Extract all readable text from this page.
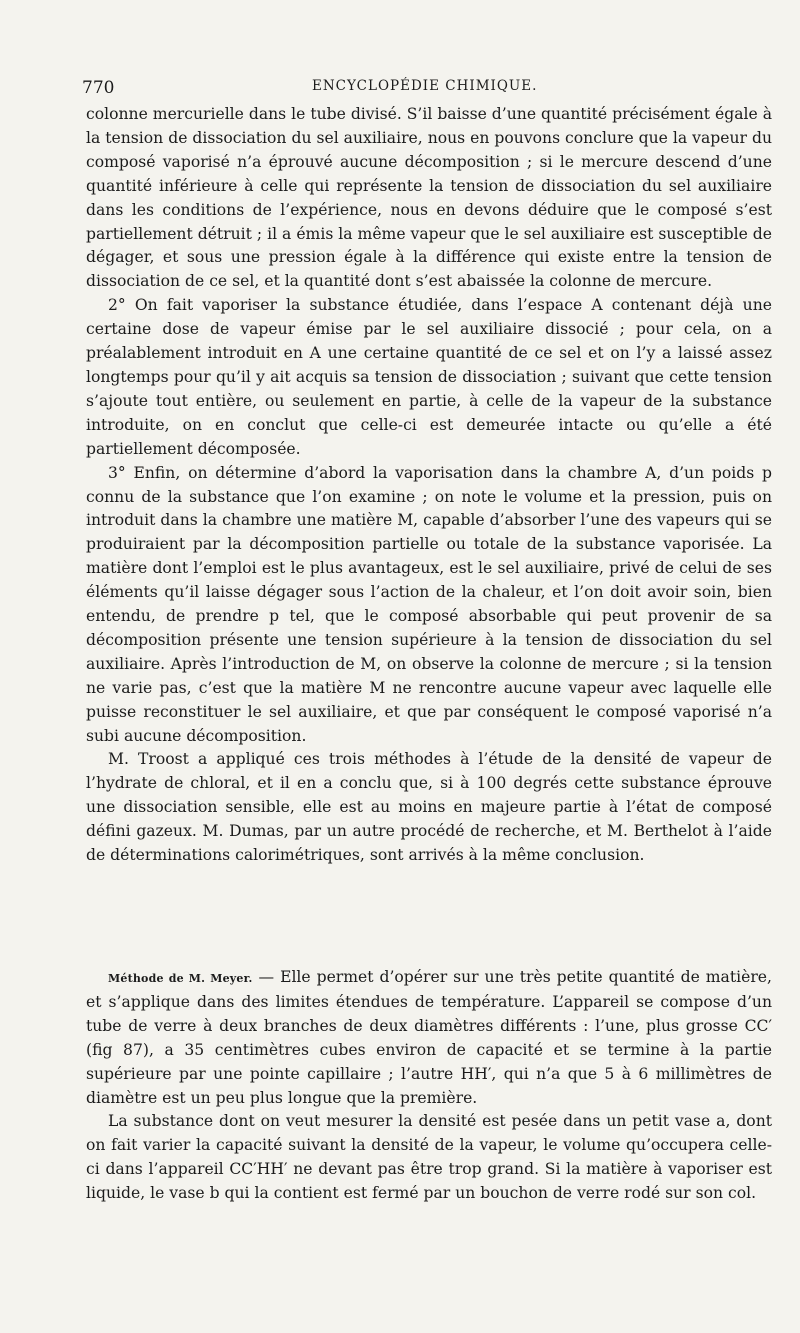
770	ENCYCLOPÉDIE CHIMIQUE.

colonne mercurielle dans le tube divisé. S’il baisse d’une quantité précisément égale à la tension de dissociation du sel auxiliaire, nous en pouvons conclure que la vapeur du composé vaporisé n’a éprouvé aucune décomposition ; si le mercure descend d’une quantité inférieure à celle qui représente la tension de dissociation du sel auxiliaire dans les conditions de l’expérience, nous en devons déduire que le composé s’est partiellement détruit ; il a émis la même vapeur que le sel auxiliaire est susceptible de dégager, et sous une pression égale à la différence qui existe entre la tension de dissociation de ce sel, et la quantité dont s’est abaissée la colonne de mercure.

2° On fait vaporiser la substance étudiée, dans l’espace A contenant déjà une certaine dose de vapeur émise par le sel auxiliaire dissocié ; pour cela, on a préalablement introduit en A une certaine quantité de ce sel et on l’y a laissé assez longtemps pour qu’il y ait acquis sa tension de dissociation ; suivant que cette tension s’ajoute tout entière, ou seulement en partie, à celle de la vapeur de la substance introduite, on en conclut que celle-ci est demeurée intacte ou qu’elle a été partiellement décomposée.

3° Enfin, on détermine d’abord la vaporisation dans la chambre A, d’un poids p connu de la substance que l’on examine ; on note le volume et la pression, puis on introduit dans la chambre une matière M, capable d’absorber l’une des vapeurs qui se produiraient par la décomposition partielle ou totale de la substance vaporisée. La matière dont l’emploi est le plus avantageux, est le sel auxiliaire, privé de celui de ses éléments qu’il laisse dégager sous l’action de la chaleur, et l’on doit avoir soin, bien entendu, de prendre p tel, que le composé absorbable qui peut provenir de sa décomposition présente une tension supérieure à la tension de dissociation du sel auxiliaire. Après l’introduction de M, on observe la colonne de mercure ; si la tension ne varie pas, c’est que la matière M ne rencontre aucune vapeur avec laquelle elle puisse reconstituer le sel auxiliaire, et que par conséquent le composé vaporisé n’a subi aucune décomposition.

M. Troost a appliqué ces trois méthodes à l’étude de la densité de vapeur de l’hydrate de chloral, et il en a conclu que, si à 100 degrés cette substance éprouve une dissociation sensible, elle est au moins en majeure partie à l’état de composé défini gazeux. M. Dumas, par un autre procédé de recherche, et M. Berthelot à l’aide de déterminations calorimétriques, sont arrivés à la même conclusion.

Méthode de M. Meyer. — Elle permet d’opérer sur une très petite quantité de matière, et s’applique dans des limites étendues de température. L’appareil se compose d’un tube de verre à deux branches de deux diamètres différents : l’une, plus grosse CC′ (fig 87), a 35 centimètres cubes environ de capacité et se termine à la partie supérieure par une pointe capillaire ; l’autre HH′, qui n’a que 5 à 6 millimètres de diamètre est un peu plus longue que la première.

La substance dont on veut mesurer la densité est pesée dans un petit vase a, dont on fait varier la capacité suivant la densité de la vapeur, le volume qu’occupera celle-ci dans l’appareil CC′HH′ ne devant pas être trop grand. Si la matière à vaporiser est liquide, le vase b qui la contient est fermé par un bouchon de verre rodé sur son col.
